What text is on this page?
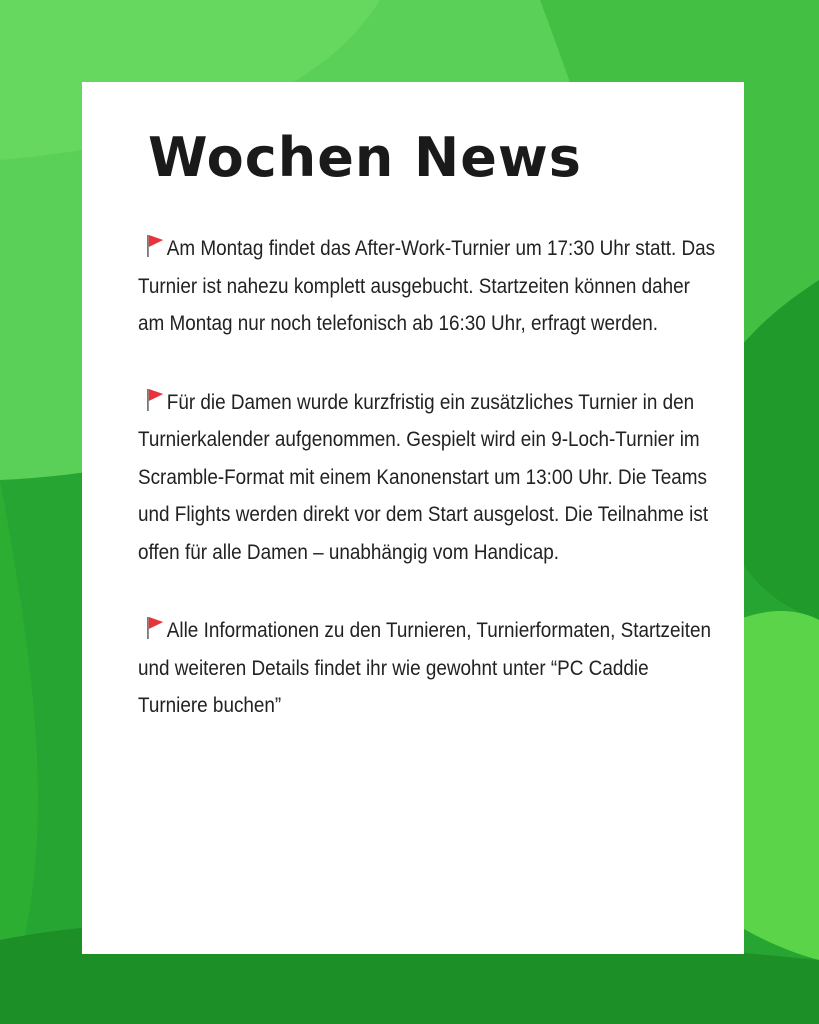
Wochen News

Am Montag findet das After-Work-Turnier um 17:30 Uhr statt. Das Turnier ist nahezu komplett ausgebucht. Startzeiten können daher am Montag nur noch telefonisch ab 16:30 Uhr, erfragt werden.

Für die Damen wurde kurzfristig ein zusätzliches Turnier in den Turnierkalender aufgenommen. Gespielt wird ein 9-Loch-Turnier im Scramble-Format mit einem Kanonenstart um 13:00 Uhr. Die Teams und Flights werden direkt vor dem Start ausgelost. Die Teilnahme ist offen für alle Damen – unabhängig vom Handicap.

Alle Informationen zu den Turnieren, Turnierformaten, Startzeiten und weiteren Details findet ihr wie gewohnt unter “PC Caddie Turniere buchen”
